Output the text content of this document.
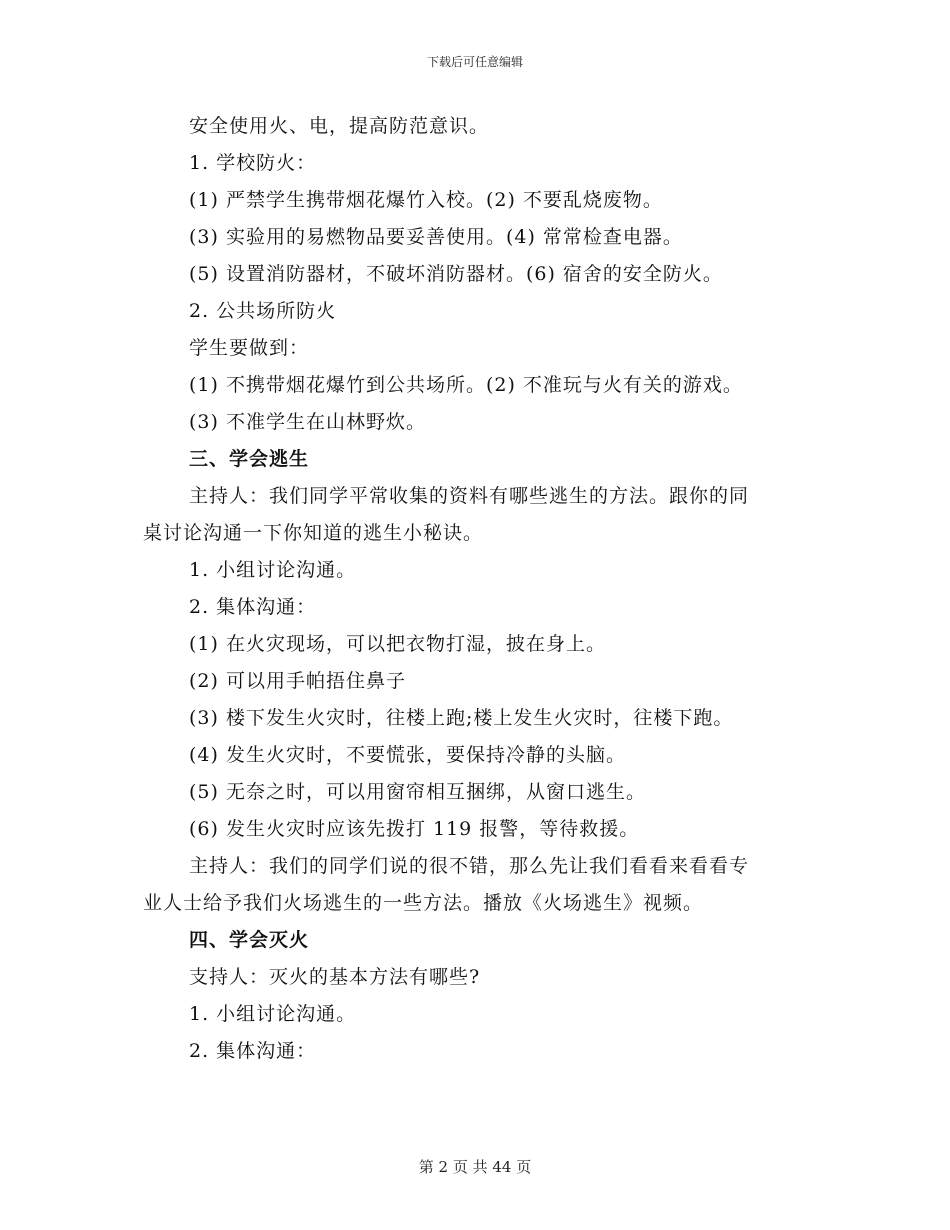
下载后可任意编辑

安全使用火、电，提高防范意识。

1. 学校防火：

(1) 严禁学生携带烟花爆竹入校。(2) 不要乱烧废物。

(3) 实验用的易燃物品要妥善使用。(4) 常常检查电器。

(5) 设置消防器材，不破坏消防器材。(6) 宿舍的安全防火。

2. 公共场所防火

学生要做到：

(1) 不携带烟花爆竹到公共场所。(2) 不准玩与火有关的游戏。

(3) 不准学生在山林野炊。

三、学会逃生

主持人：我们同学平常收集的资料有哪些逃生的方法。跟你的同

桌讨论沟通一下你知道的逃生小秘诀。

1. 小组讨论沟通。

2. 集体沟通：

(1) 在火灾现场，可以把衣物打湿，披在身上。

(2) 可以用手帕捂住鼻子

(3) 楼下发生火灾时，往楼上跑;楼上发生火灾时，往楼下跑。

(4) 发生火灾时，不要慌张，要保持冷静的头脑。

(5) 无奈之时，可以用窗帘相互捆绑，从窗口逃生。

(6) 发生火灾时应该先拨打 119 报警，等待救援。

主持人：我们的同学们说的很不错，那么先让我们看看来看看专

业人士给予我们火场逃生的一些方法。播放《火场逃生》视频。

四、学会灭火

支持人：灭火的基本方法有哪些?

1. 小组讨论沟通。

2. 集体沟通：

第 2 页 共 44 页
